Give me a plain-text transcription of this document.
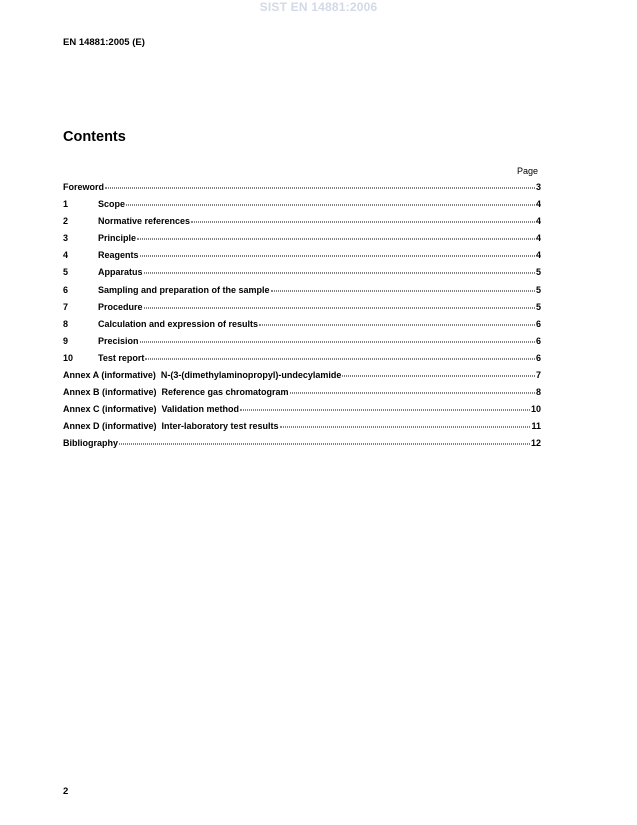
SIST EN 14881:2006
EN 14881:2005 (E)
Contents
Page
Foreword	3
1	Scope	4
2	Normative references	4
3	Principle	4
4	Reagents	4
5	Apparatus	5
6	Sampling and preparation of the sample	5
7	Procedure	5
8	Calculation and expression of results	6
9	Precision	6
10	Test report	6
Annex A (informative)  N-(3-(dimethylaminopropyl)-undecylamide	7
Annex B (informative)  Reference gas chromatogram	8
Annex C (informative)  Validation method	10
Annex D (informative)  Inter-laboratory test results	11
Bibliography	12
2
